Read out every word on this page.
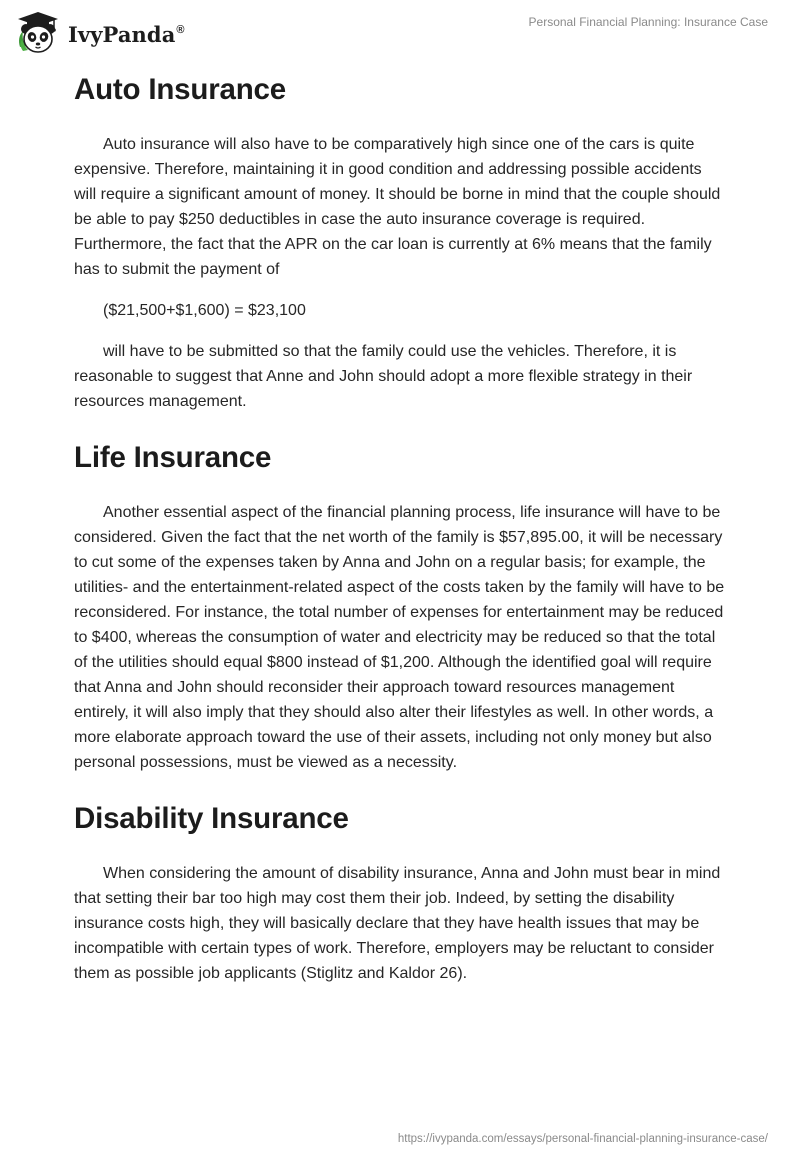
IvyPanda®
Personal Financial Planning: Insurance Case
Auto Insurance

Auto insurance will also have to be comparatively high since one of the cars is quite expensive. Therefore, maintaining it in good condition and addressing possible accidents will require a significant amount of money. It should be borne in mind that the couple should be able to pay $250 deductibles in case the auto insurance coverage is required. Furthermore, the fact that the APR on the car loan is currently at 6% means that the family has to submit the payment of

($21,500+$1,600) = $23,100

will have to be submitted so that the family could use the vehicles. Therefore, it is reasonable to suggest that Anne and John should adopt a more flexible strategy in their resources management.

Life Insurance

Another essential aspect of the financial planning process, life insurance will have to be considered. Given the fact that the net worth of the family is $57,895.00, it will be necessary to cut some of the expenses taken by Anna and John on a regular basis; for example, the utilities- and the entertainment-related aspect of the costs taken by the family will have to be reconsidered. For instance, the total number of expenses for entertainment may be reduced to $400, whereas the consumption of water and electricity may be reduced so that the total of the utilities should equal $800 instead of $1,200. Although the identified goal will require that Anna and John should reconsider their approach toward resources management entirely, it will also imply that they should also alter their lifestyles as well. In other words, a more elaborate approach toward the use of their assets, including not only money but also personal possessions, must be viewed as a necessity.

Disability Insurance

When considering the amount of disability insurance, Anna and John must bear in mind that setting their bar too high may cost them their job. Indeed, by setting the disability insurance costs high, they will basically declare that they have health issues that may be incompatible with certain types of work. Therefore, employers may be reluctant to consider them as possible job applicants (Stiglitz and Kaldor 26).

https://ivypanda.com/essays/personal-financial-planning-insurance-case/
